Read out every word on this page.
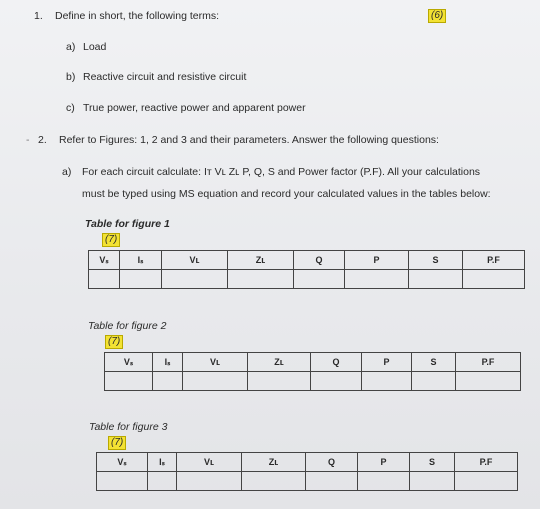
1. Define in short, the following terms:	(6)
a) Load
b) Reactive circuit and resistive circuit
c) True power, reactive power and apparent power
- 2. Refer to Figures: 1, 2 and 3 and their parameters. Answer the following questions:
a) For each circuit calculate: Iᴛ Vʟ Zʟ P, Q, S and Power factor (P.F). All your calculations
must be typed using MS equation and record your calculated values in the tables below:
Table for figure 1
(7)
Vₛ	Iₛ	Vʟ	Zʟ	Q	P	S	P.F

Table for figure 2
(7)
Vₛ	Iₛ	Vʟ	Zʟ	Q	P	S	P.F

Table for figure 3
(7)
Vₛ	Iₛ	Vʟ	Zʟ	Q	P	S	P.F
